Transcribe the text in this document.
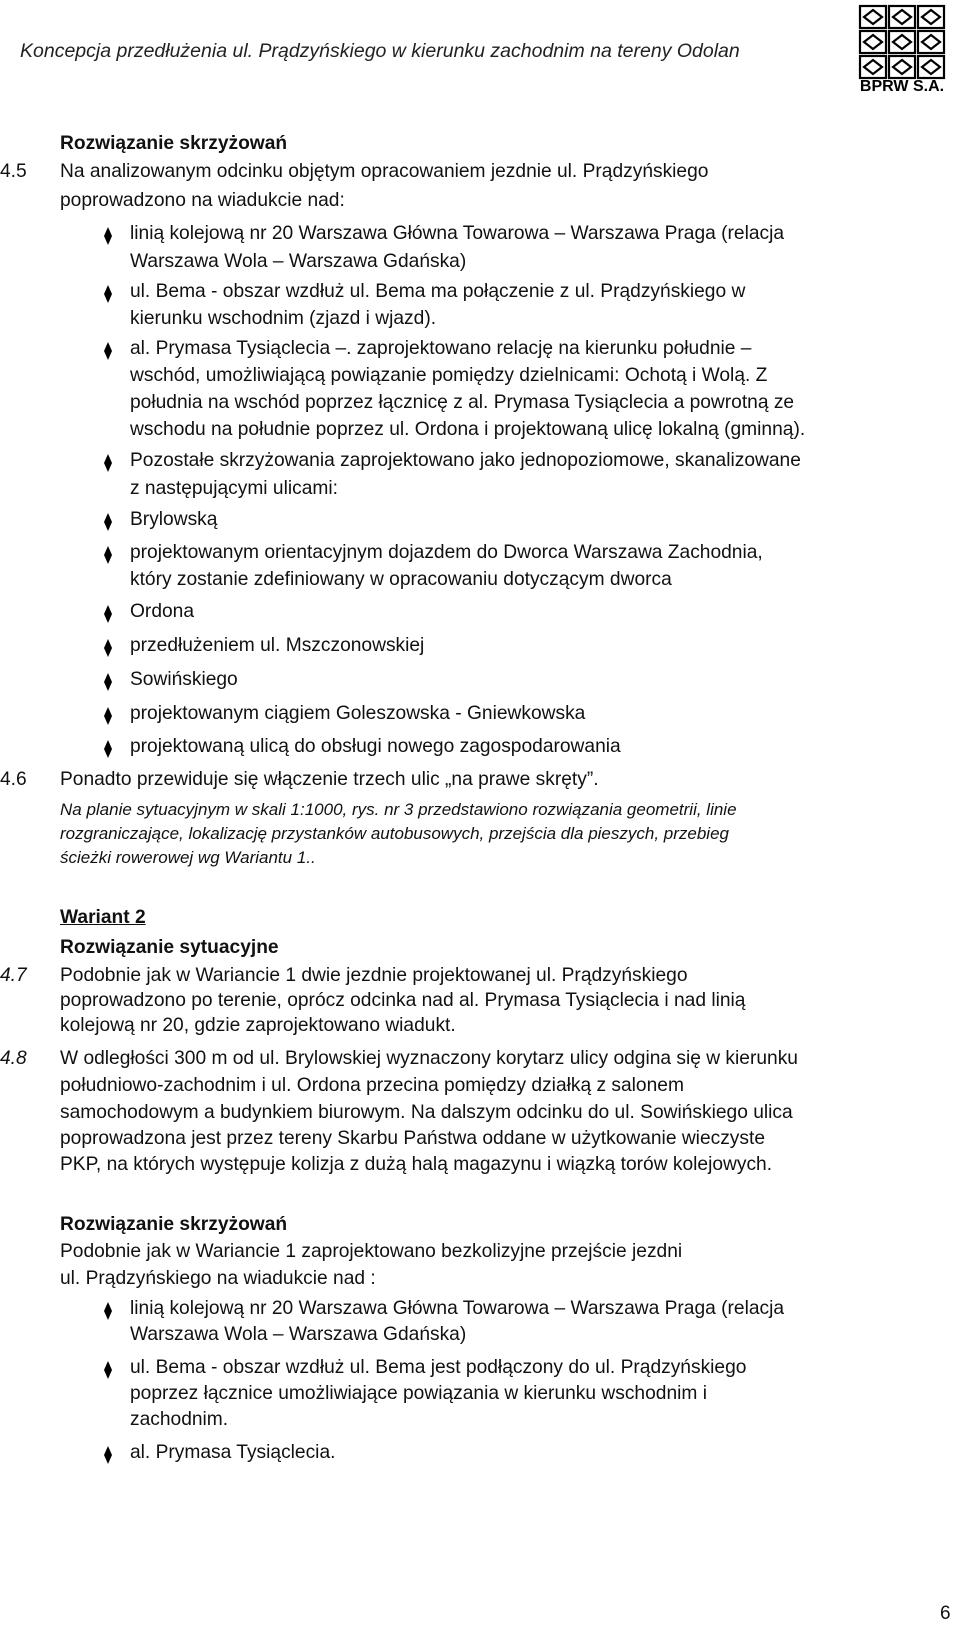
Koncepcja przedłużenia ul. Prądzyńskiego w kierunku zachodnim na tereny Odolan
BPRW S.A.
Rozwiązanie skrzyżowań
4.5 Na analizowanym odcinku objętym opracowaniem jezdnie ul. Prądzyńskiego
poprowadzono na wiadukcie nad:
linią kolejową nr 20 Warszawa Główna Towarowa – Warszawa Praga (relacja
Warszawa Wola – Warszawa Gdańska)
ul. Bema - obszar wzdłuż ul. Bema ma połączenie z ul. Prądzyńskiego w
kierunku wschodnim (zjazd i wjazd).
al. Prymasa Tysiąclecia –. zaprojektowano relację na kierunku południe –
wschód, umożliwiającą powiązanie pomiędzy dzielnicami: Ochotą i Wolą. Z
południa na wschód poprzez łącznicę z al. Prymasa Tysiąclecia a powrotną ze
wschodu na południe poprzez ul. Ordona i projektowaną ulicę lokalną (gminną).
Pozostałe skrzyżowania zaprojektowano jako jednopoziomowe, skanalizowane
z następującymi ulicami:
Brylowską
projektowanym orientacyjnym dojazdem do Dworca Warszawa Zachodnia,
który zostanie zdefiniowany w opracowaniu dotyczącym dworca
Ordona
przedłużeniem ul. Mszczonowskiej
Sowińskiego
projektowanym ciągiem Goleszowska - Gniewkowska
projektowaną ulicą do obsługi nowego zagospodarowania
4.6 Ponadto przewiduje się włączenie trzech ulic „na prawe skręty”.
Na planie sytuacyjnym w skali 1:1000, rys. nr 3 przedstawiono rozwiązania geometrii, linie
rozgraniczające, lokalizację przystanków autobusowych, przejścia dla pieszych, przebieg
ścieżki rowerowej wg Wariantu 1..
Wariant 2
Rozwiązanie sytuacyjne
4.7 Podobnie jak w Wariancie 1 dwie jezdnie projektowanej ul. Prądzyńskiego
poprowadzono po terenie, oprócz odcinka nad al. Prymasa Tysiąclecia i nad linią
kolejową nr 20, gdzie zaprojektowano wiadukt.
4.8 W odległości 300 m od ul. Brylowskiej wyznaczony korytarz ulicy odgina się w kierunku
południowo-zachodnim i ul. Ordona przecina pomiędzy działką z salonem
samochodowym a budynkiem biurowym. Na dalszym odcinku do ul. Sowińskiego ulica
poprowadzona jest przez tereny Skarbu Państwa oddane w użytkowanie wieczyste
PKP, na których występuje kolizja z dużą halą magazynu i wiązką torów kolejowych.
Rozwiązanie skrzyżowań
Podobnie jak w Wariancie 1 zaprojektowano bezkolizyjne przejście jezdni
ul. Prądzyńskiego na wiadukcie nad :
linią kolejową nr 20 Warszawa Główna Towarowa – Warszawa Praga (relacja
Warszawa Wola – Warszawa Gdańska)
ul. Bema - obszar wzdłuż ul. Bema jest podłączony do ul. Prądzyńskiego
poprzez łącznice umożliwiające powiązania w kierunku wschodnim i
zachodnim.
al. Prymasa Tysiąclecia.
6
